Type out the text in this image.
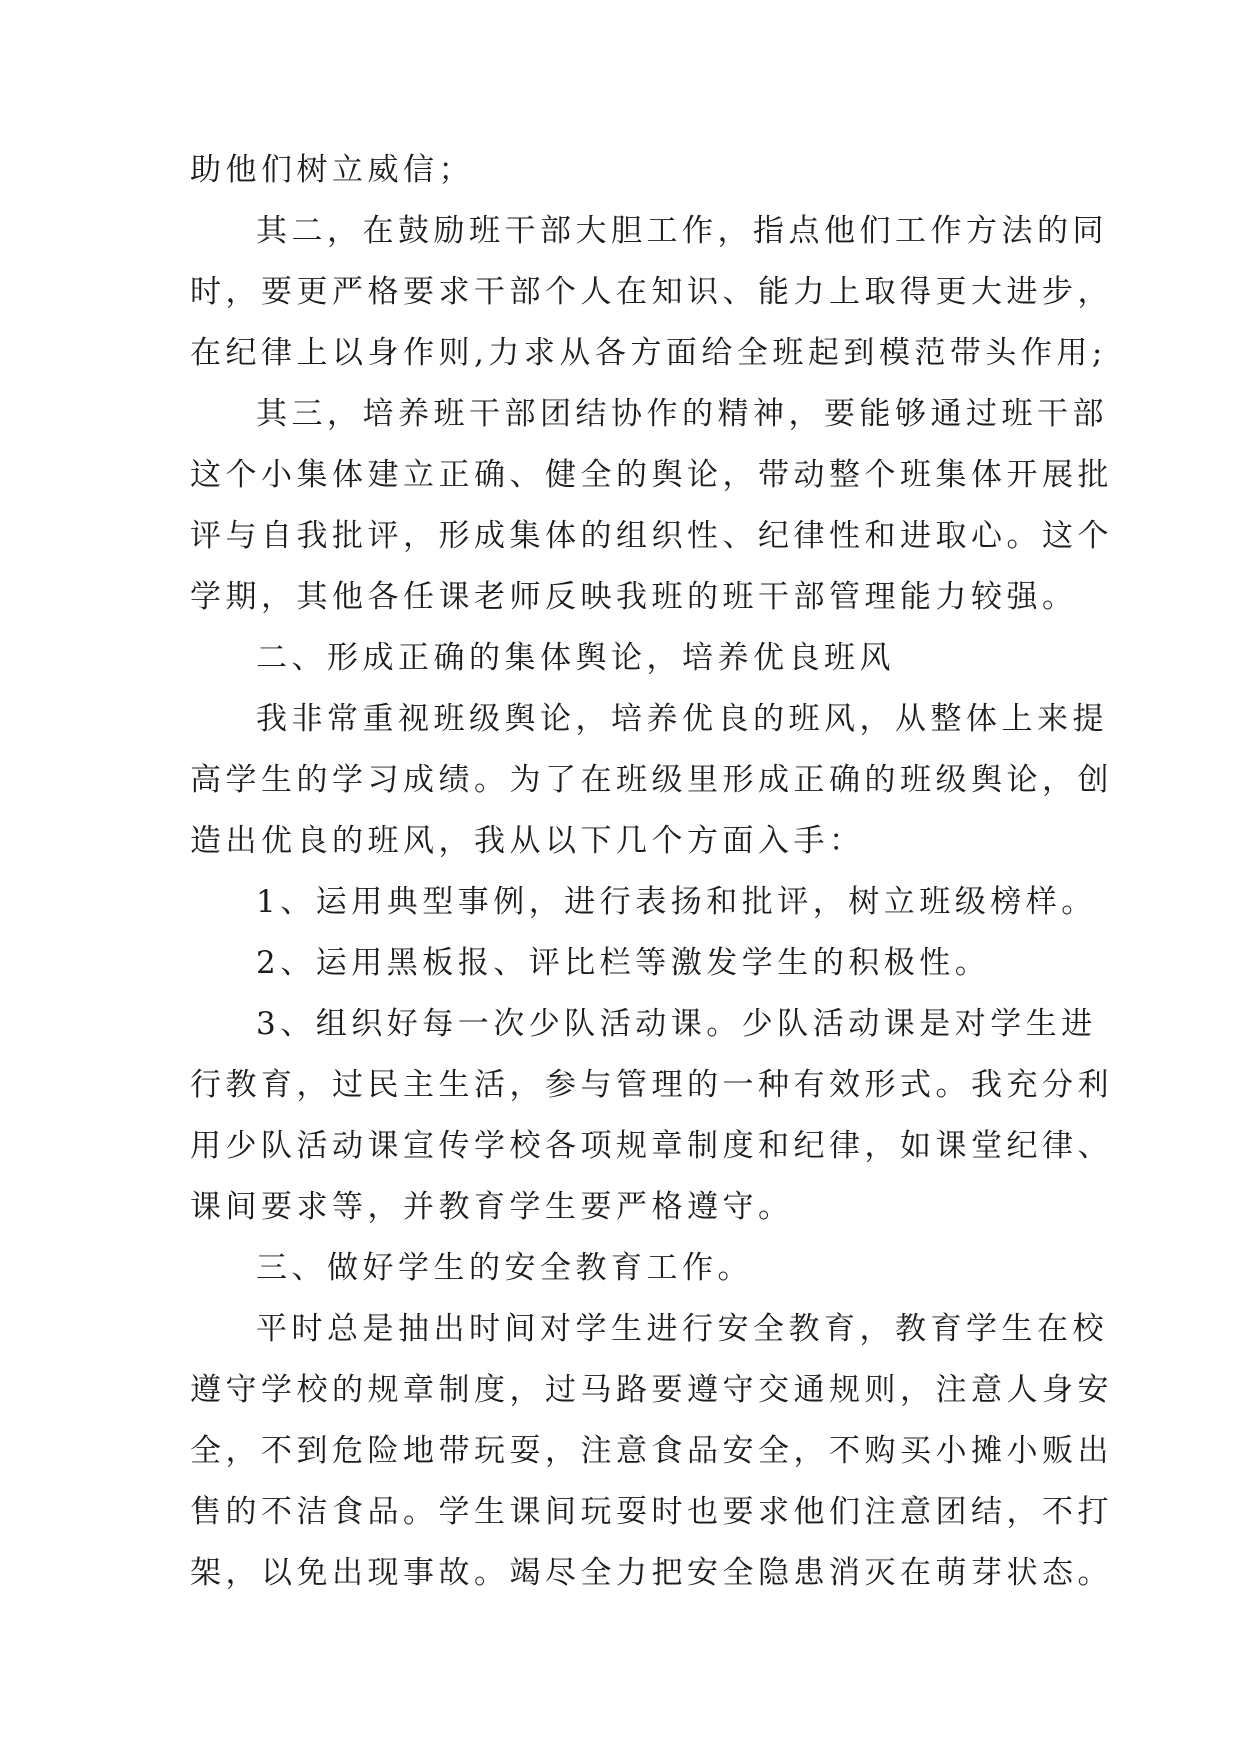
助他们树立威信；
其二，在鼓励班干部大胆工作，指点他们工作方法的同
时，要更严格要求干部个人在知识、能力上取得更大进步，
在纪律上以身作则,力求从各方面给全班起到模范带头作用;
其三，培养班干部团结协作的精神，要能够通过班干部
这个小集体建立正确、健全的舆论，带动整个班集体开展批
评与自我批评，形成集体的组织性、纪律性和进取心。这个
学期，其他各任课老师反映我班的班干部管理能力较强。
二、形成正确的集体舆论，培养优良班风
我非常重视班级舆论，培养优良的班风，从整体上来提
高学生的学习成绩。为了在班级里形成正确的班级舆论，创
造出优良的班风，我从以下几个方面入手：
1、运用典型事例，进行表扬和批评，树立班级榜样。
2、运用黑板报、评比栏等激发学生的积极性。
3、组织好每一次少队活动课。少队活动课是对学生进
行教育，过民主生活，参与管理的一种有效形式。我充分利
用少队活动课宣传学校各项规章制度和纪律，如课堂纪律、
课间要求等，并教育学生要严格遵守。
三、做好学生的安全教育工作。
平时总是抽出时间对学生进行安全教育，教育学生在校
遵守学校的规章制度，过马路要遵守交通规则，注意人身安
全，不到危险地带玩耍，注意食品安全，不购买小摊小贩出
售的不洁食品。学生课间玩耍时也要求他们注意团结，不打
架，以免出现事故。竭尽全力把安全隐患消灭在萌芽状态。
